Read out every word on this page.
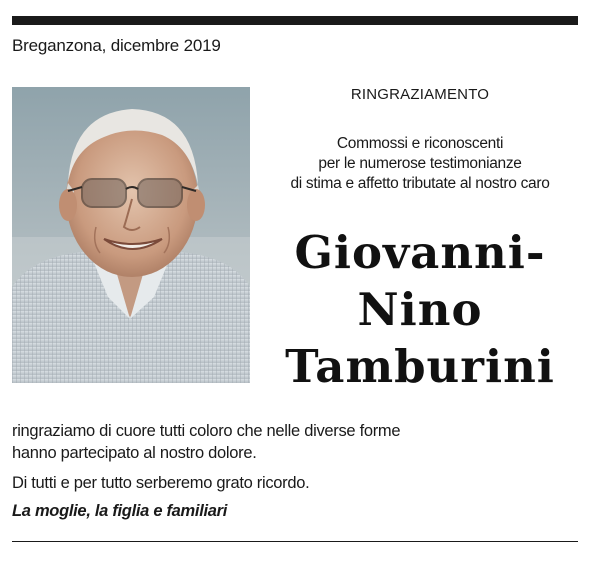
Breganzona, dicembre 2019
RINGRAZIAMENTO
Commossi e riconoscenti
per le numerose testimonianze
di stima e affetto tributate al nostro caro
Giovanni-
Nino
Tamburini

ringraziamo di cuore tutti coloro che nelle diverse forme

hanno partecipato al nostro dolore.

Di tutti e per tutto serberemo grato ricordo.

La moglie, la figlia e familiari
